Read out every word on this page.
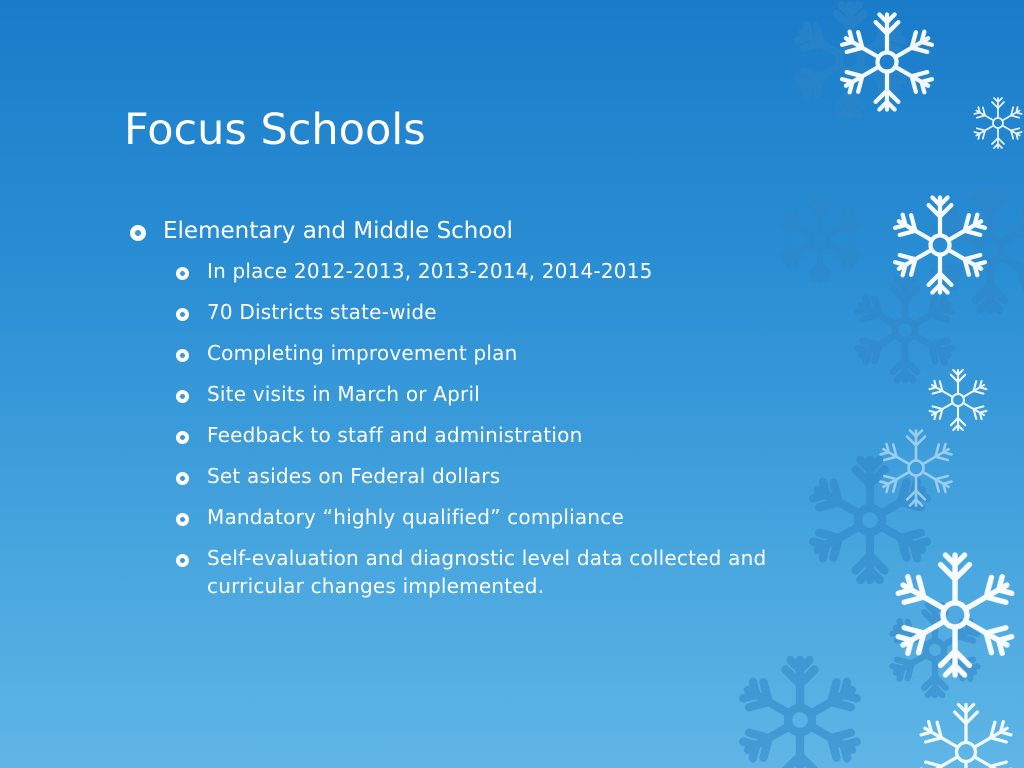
Focus Schools
Elementary and Middle School
In place 2012-2013, 2013-2014, 2014-2015
70 Districts state-wide
Completing improvement plan
Site visits in March or April
Feedback to staff and administration
Set asides on Federal dollars
Mandatory “highly qualified” compliance
Self-evaluation and diagnostic level data collected and curricular changes implemented.
